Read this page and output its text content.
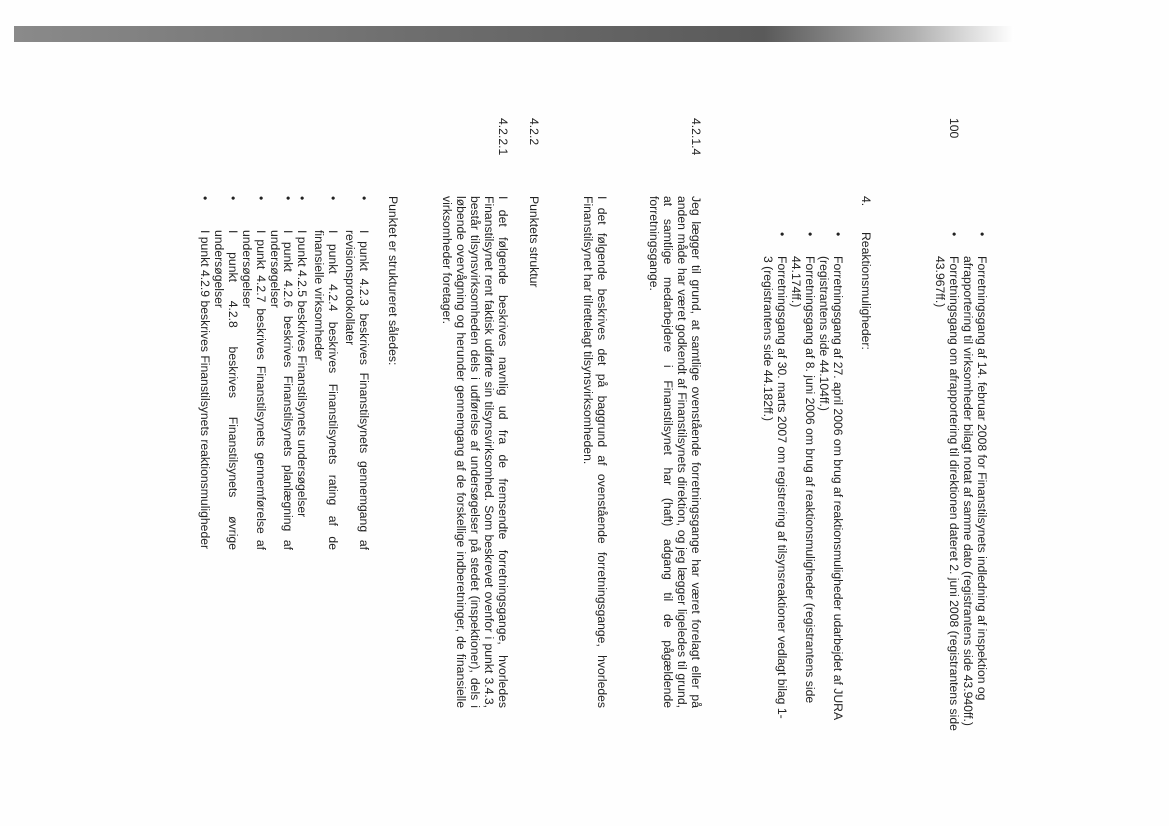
100
•
Forretningsgang af 14. februar 2008 for Finanstilsynets indledning af inspektion og afrapportering til virksomheder bilagt notat af samme dato (registrantens side 43.940ff.)
•
Forretningsgang om afrapportering til direktionen dateret 2. juni 2008 (registrantens side 43.967ff.)
4.
Reaktionsmuligheder:
•
Forretningsgang af 27. april 2006 om brug af reaktionsmuligheder udarbejdet af JURA (registrantens side 44.104ff.)
•
Forretningsgang af 8. juni 2006 om brug af reaktionsmuligheder (registrantens side 44.174ff.)
•
Forretningsgang af 30. marts 2007 om registrering af tilsynsreaktioner vedlagt bilag 1-3 (registrantens side 44.182ff.)
4.2.1.4
Jeg lægger til grund, at samtlige ovenstående forretningsgange har været forelagt eller på anden måde har været godkendt af Finanstilsynets direktion, og jeg lægger ligeledes til grund, at samtlige medarbejdere i Finanstilsynet har (haft) adgang til de pågældende forretningsgange.
I det følgende beskrives det på baggrund af ovenstående forretningsgange, hvorledes Finanstilsynet har tilrettelagt tilsynsvirksomheden.
4.2.2
Punktets struktur
4.2.2.1
I det følgende beskrives navnlig ud fra de fremsendte forretningsgange, hvorledes Finanstilsynet rent faktisk udførte sin tilsynsvirksomhed. Som beskrevet ovenfor i punkt 3.4.3, består tilsynsvirksomheden dels i udførelse af undersøgelser på stedet (inspektioner), dels i løbende overvågning og herunder gennemgang af de forskellige indberetninger, de finansielle virksomheder foretager.
Punktet er struktureret således:
•
I punkt 4.2.3 beskrives Finanstilsynets gennemgang af revisionsprotokollater
•
I punkt 4.2.4 beskrives Finanstilsynets rating af de finansielle virksomheder
•
I punkt 4.2.5 beskrives Finanstilsynets undersøgelser
•
I punkt 4.2.6 beskrives Finanstilsynets planlægning af undersøgelser
•
I punkt 4.2.7 beskrives Finanstilsynets gennemførelse af undersøgelser
•
I punkt 4.2.8 beskrives Finanstilsynets øvrige undersøgelser
•
I punkt 4.2.9 beskrives Finanstilsynets reaktionsmuligheder
